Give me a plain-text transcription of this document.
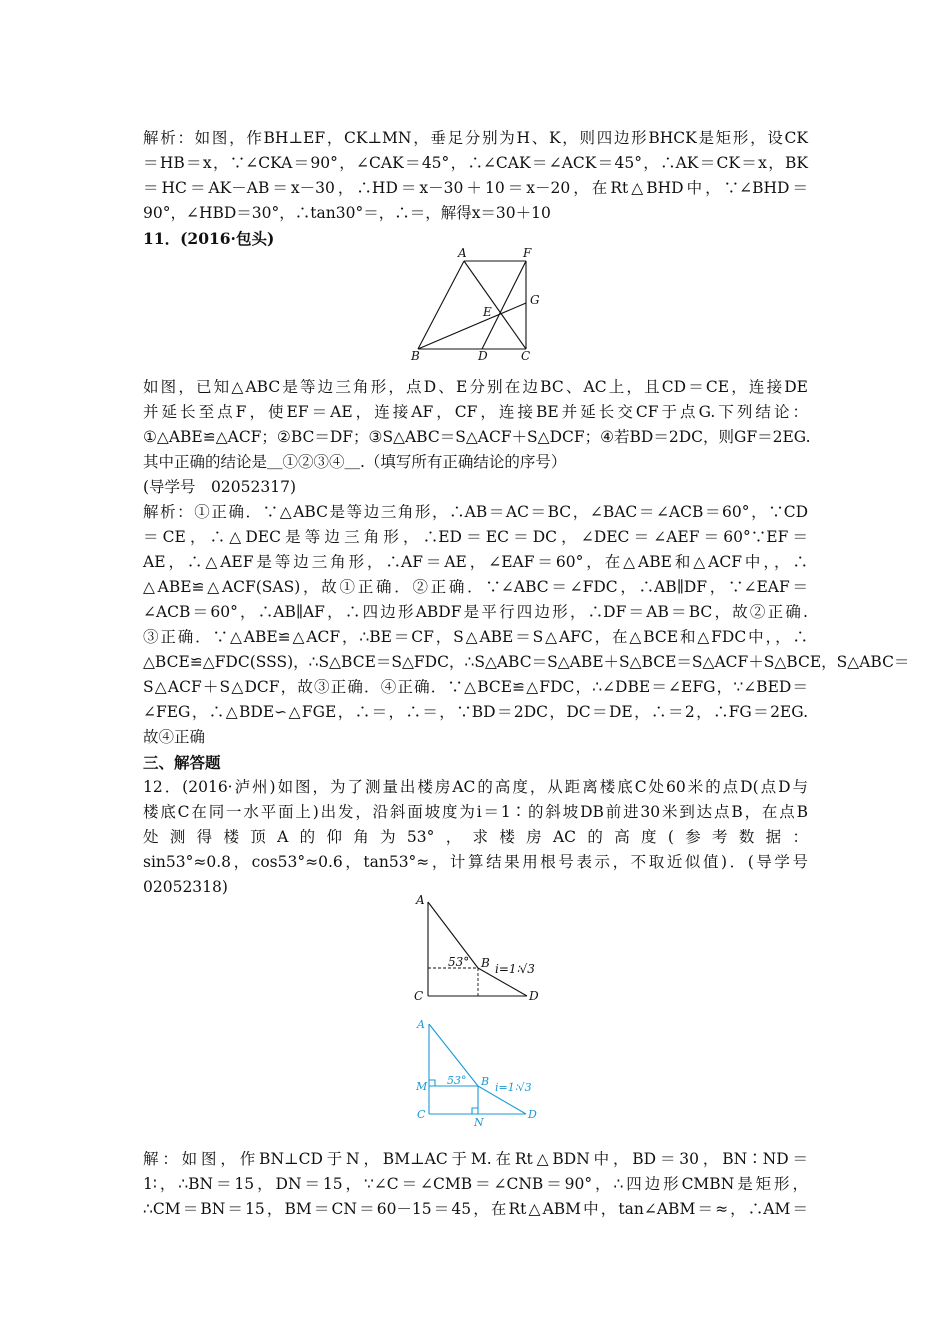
解析：如图，作BH⊥EF，CK⊥MN，垂足分别为H、K，则四边形BHCK是矩形，设CK
＝HB＝x，∵∠CKA＝90°，∠CAK＝45°，∴∠CAK＝∠ACK＝45°，∴AK＝CK＝x，BK
＝HC＝AK－AB＝x－30，∴HD＝x－30＋10＝x－20，在Rt△BHD中，∵∠BHD＝
90°，∠HBD＝30°，∴tan30°＝，∴＝，解得x＝30＋10
11．(2016·包头)
A	F
G
E
B	D	C
如图，已知△ABC是等边三角形，点D、E分别在边BC、AC上，且CD＝CE，连接DE
并延长至点F，使EF＝AE，连接AF，CF，连接BE并延长交CF于点G.下列结论：
①△ABE≌△ACF；②BC＝DF；③S△ABC＝S△ACF＋S△DCF；④若BD＝2DC，则GF＝2EG.
其中正确的结论是＿①②③④＿.（填写所有正确结论的序号）
(导学号　02052317)
解析：①正确．∵△ABC是等边三角形，∴AB＝AC＝BC，∠BAC＝∠ACB＝60°，∵CD
＝CE，∴△DEC是等边三角形，∴ED＝EC＝DC，∠DEC＝∠AEF＝60°∵EF＝
AE，∴△AEF是等边三角形，∴AF＝AE，∠EAF＝60°，在△ABE和△ACF中，，∴
△ABE≌△ACF(SAS)，故①正确．②正确．∵∠ABC＝∠FDC，∴AB∥DF，∵∠EAF＝
∠ACB＝60°，∴AB∥AF，∴四边形ABDF是平行四边形，∴DF＝AB＝BC，故②正确.
③正确．∵△ABE≌△ACF，∴BE＝CF，S△ABE＝S△AFC，在△BCE和△FDC中，，∴
△BCE≌△FDC(SSS)，∴S△BCE＝S△FDC，∴S△ABC＝S△ABE＋S△BCE＝S△ACF＋S△BCE，S△ABC＝
S△ACF＋S△DCF，故③正确．④正确．∵△BCE≌△FDC，∴∠DBE＝∠EFG，∵∠BED＝
∠FEG，∴△BDE∽△FGE，∴＝，∴＝，∵BD＝2DC，DC＝DE，∴＝2，∴FG＝2EG.
故④正确
三、解答题
12．(2016·泸州)如图，为了测量出楼房AC的高度，从距离楼底C处60米的点D(点D与
楼底C在同一水平面上)出发，沿斜面坡度为i＝1∶的斜坡DB前进30米到达点B，在点B
处测得楼顶A的仰角为53°，求楼房AC的高度(参考数据：
sin53°≈0.8，cos53°≈0.6，tan53°≈，计算结果用根号表示，不取近似值)．(导学号
02052318)
A
53° B i=1∶√3
C	D
A
M 53° B i=1∶√3
C
N
D
解：如图，作BN⊥CD于N，BM⊥AC于M.在Rt△BDN中，BD＝30，BN∶ND＝
1∶，∴BN＝15，DN＝15，∵∠C＝∠CMB＝∠CNB＝90°，∴四边形CMBN是矩形，
∴CM＝BN＝15，BM＝CN＝60－15＝45，在Rt△ABM中，tan∠ABM＝≈，∴AM＝
